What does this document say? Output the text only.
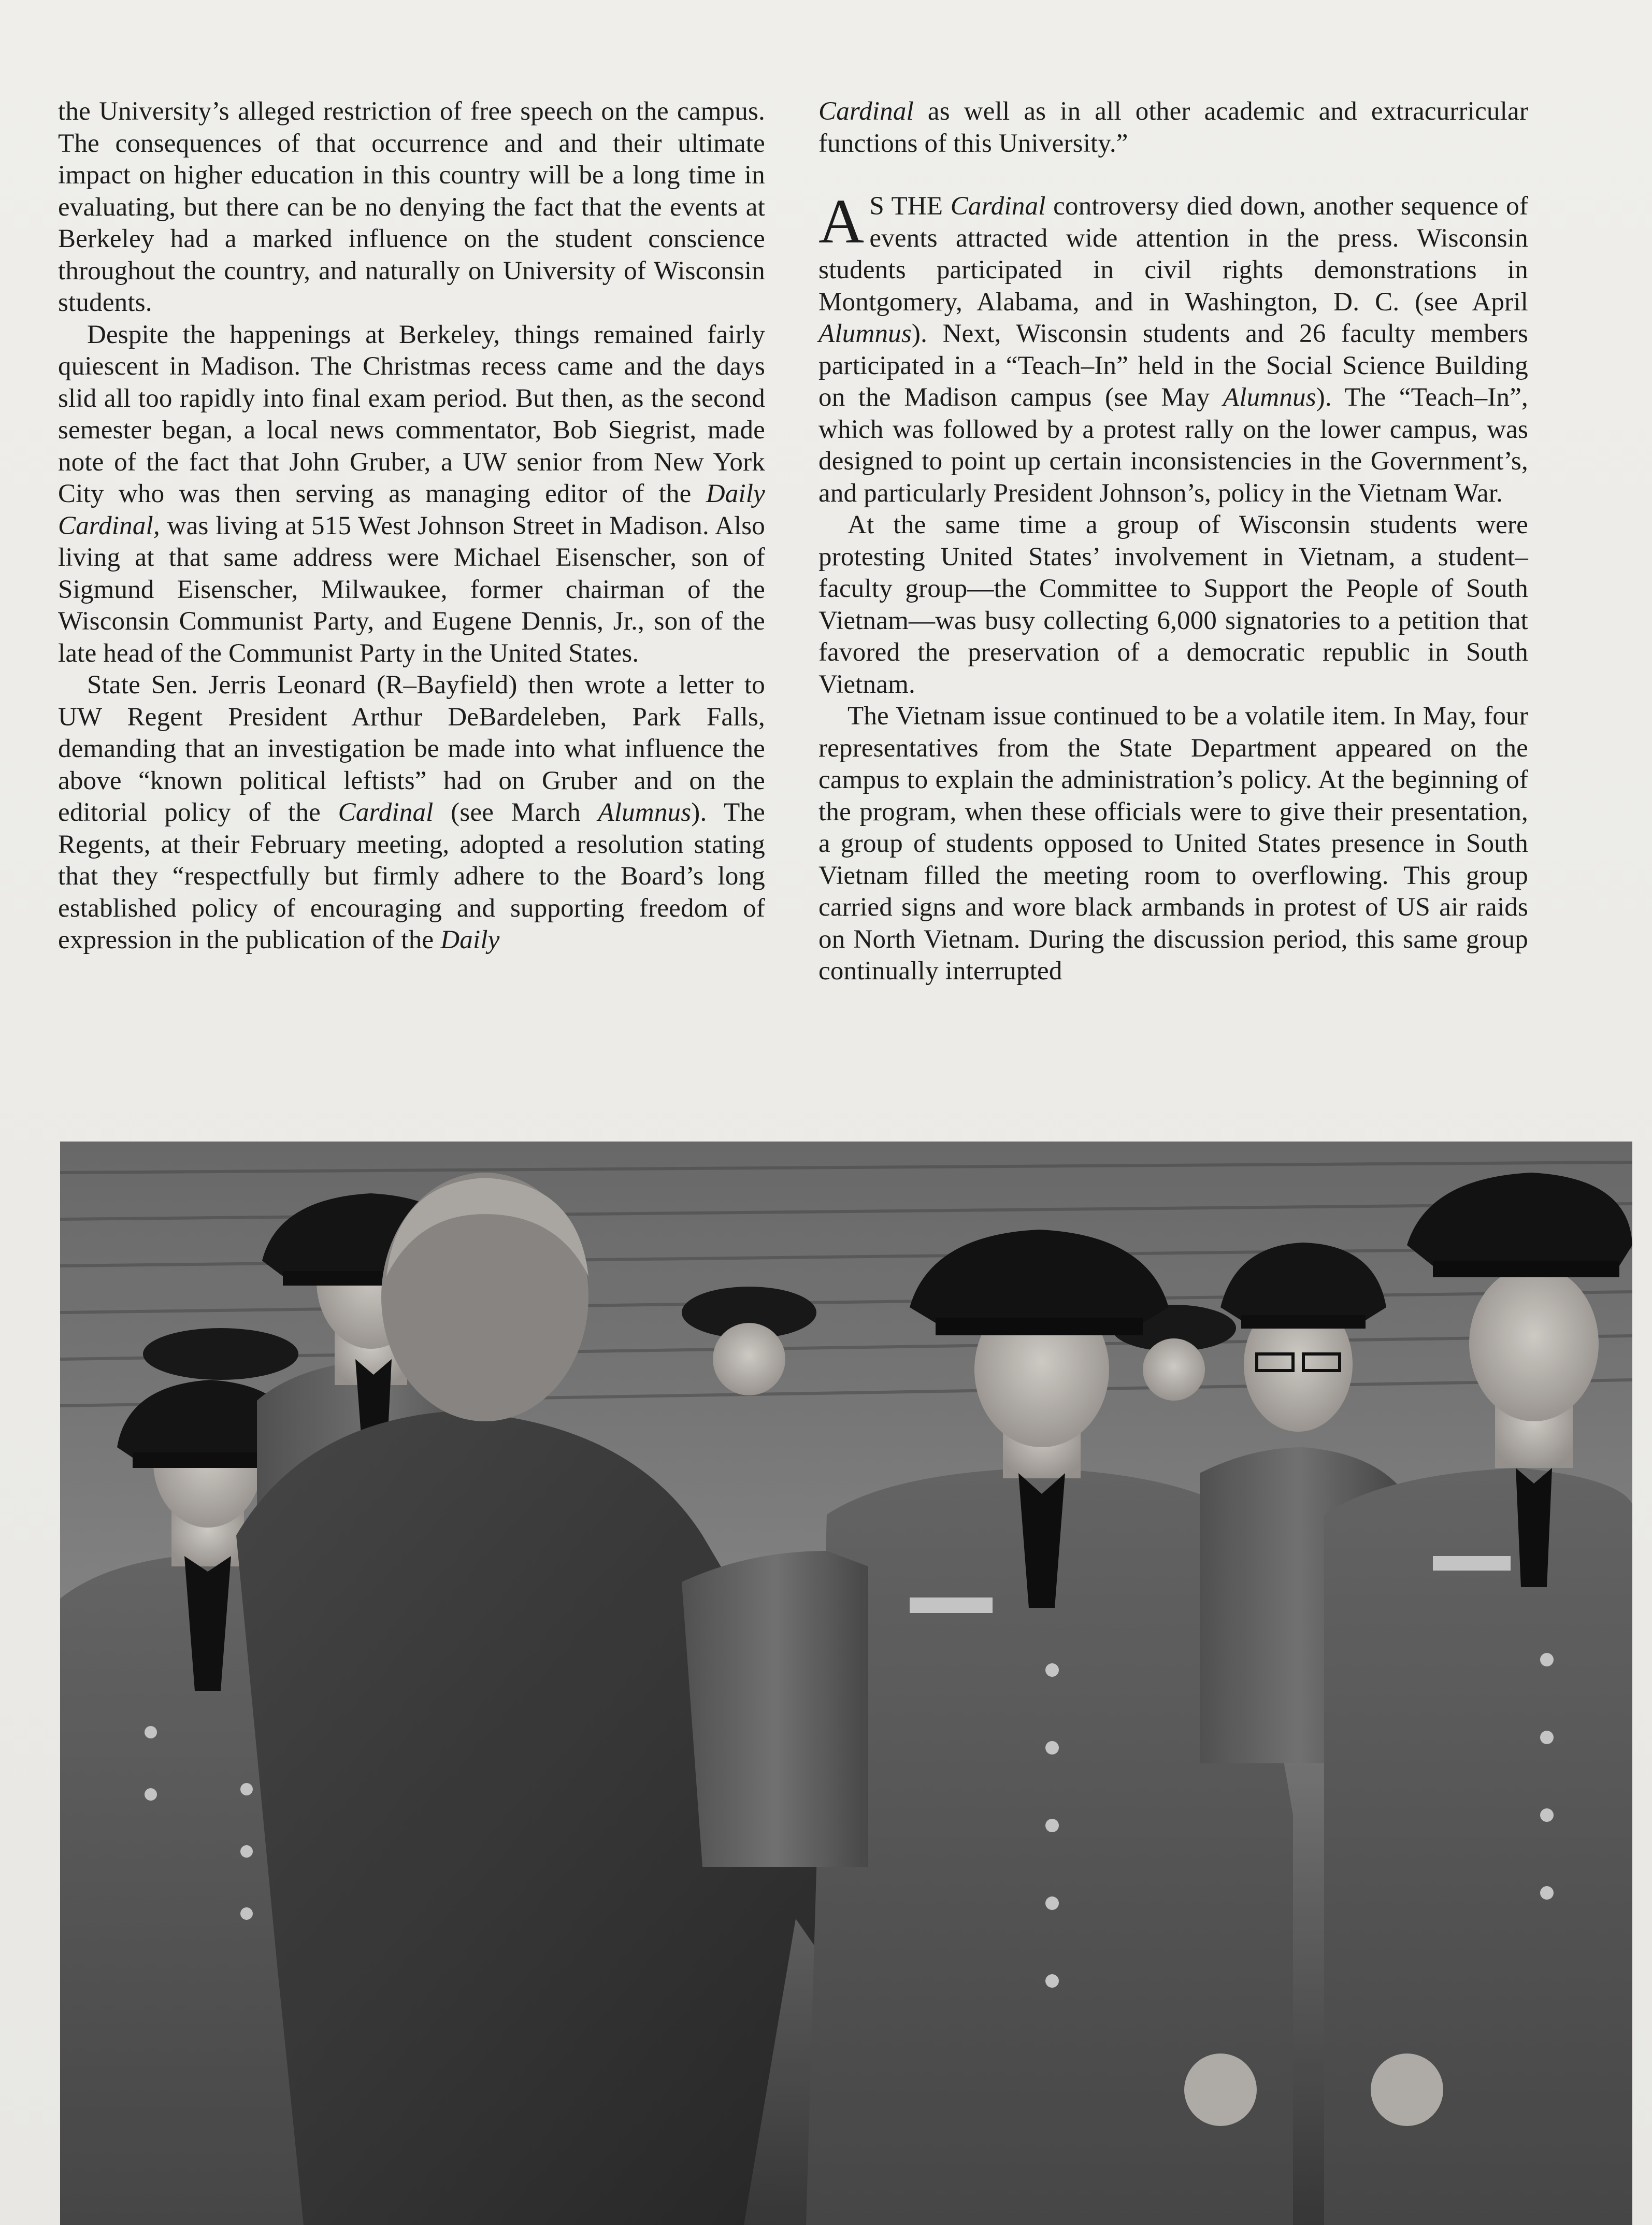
the University’s alleged restriction of free speech on the campus. The consequences of that occurrence and and their ultimate impact on higher education in this country will be a long time in evaluating, but there can be no denying the fact that the events at Berkeley had a marked influence on the student conscience throughout the country, and naturally on University of Wisconsin students.

Despite the happenings at Berkeley, things remained fairly quiescent in Madison. The Christmas recess came and the days slid all too rapidly into final exam period. But then, as the second semester began, a local news commentator, Bob Siegrist, made note of the fact that John Gruber, a UW senior from New York City who was then serving as managing editor of the Daily Cardinal, was living at 515 West Johnson Street in Madison. Also living at that same address were Michael Eisenscher, son of Sigmund Eisenscher, Milwaukee, former chairman of the Wisconsin Communist Party, and Eugene Dennis, Jr., son of the late head of the Communist Party in the United States.

State Sen. Jerris Leonard (R–Bayfield) then wrote a letter to UW Regent President Arthur DeBardeleben, Park Falls, demanding that an investigation be made into what influence the above “known political leftists” had on Gruber and on the editorial policy of the Cardinal (see March Alumnus). The Regents, at their February meeting, adopted a resolution stating that they “respectfully but firmly adhere to the Board’s long established policy of encouraging and supporting freedom of expression in the publication of the Daily

Cardinal as well as in all other academic and extracurricular functions of this University.”

A S THE Cardinal controversy died down, another sequence of events attracted wide attention in the press. Wisconsin students participated in civil rights demonstrations in Montgomery, Alabama, and in Washington, D. C. (see April Alumnus). Next, Wisconsin students and 26 faculty members participated in a “Teach–In” held in the Social Science Building on the Madison campus (see May Alumnus). The “Teach–In”, which was followed by a protest rally on the lower campus, was designed to point up certain inconsistencies in the Government’s, and particularly President Johnson’s, policy in the Vietnam War.

At the same time a group of Wisconsin students were protesting United States’ involvement in Vietnam, a student–faculty group—the Committee to Support the People of South Vietnam—was busy collecting 6,000 signatories to a petition that favored the preservation of a democratic republic in South Vietnam.

The Vietnam issue continued to be a volatile item. In May, four representatives from the State Department appeared on the campus to explain the administration’s policy. At the beginning of the program, when these officials were to give their presentation, a group of students opposed to United States presence in South Vietnam filled the meeting room to overflowing. This group carried signs and wore black armbands in protest of US air raids on North Vietnam. During the discussion period, this same group continually interrupted
